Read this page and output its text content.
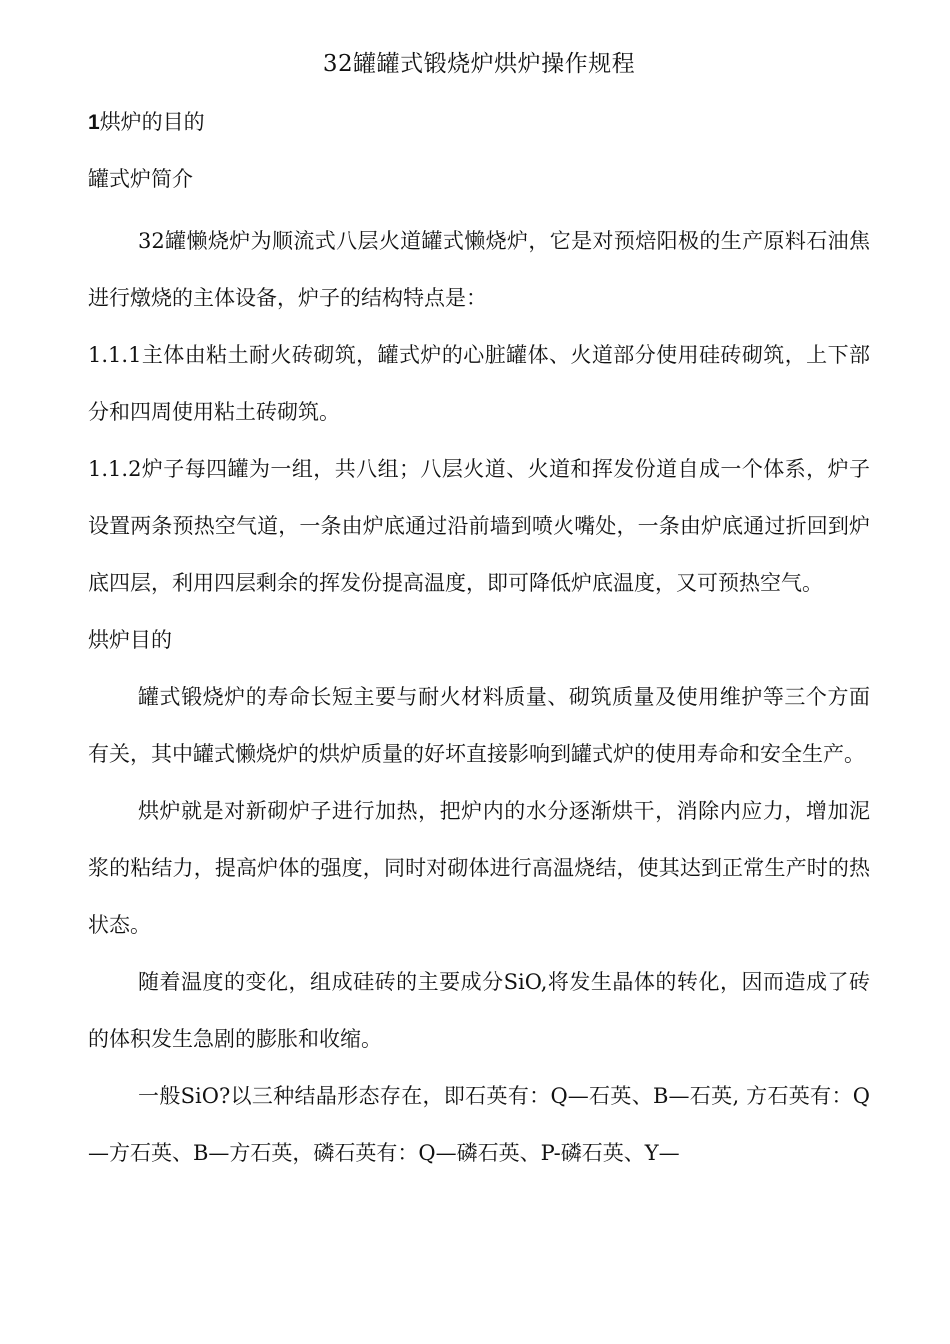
32罐罐式锻烧炉烘炉操作规程
1烘炉的目的
罐式炉简介

32罐懒烧炉为顺流式八层火道罐式懒烧炉，它是对预焙阳极的生产原料石油焦进行燉烧的主体设备，炉子的结构特点是：

1.1.1主体由粘土耐火砖砌筑，罐式炉的心脏罐体、火道部分使用硅砖砌筑，上下部分和四周使用粘土砖砌筑。

1.1.2炉子每四罐为一组，共八组；八层火道、火道和挥发份道自成一个体系，炉子设置两条预热空气道，一条由炉底通过沿前墙到喷火嘴处，一条由炉底通过折回到炉底四层，利用四层剩余的挥发份提高温度，即可降低炉底温度，又可预热空气。

烘炉目的

罐式锻烧炉的寿命长短主要与耐火材料质量、砌筑质量及使用维护等三个方面有关，其中罐式懒烧炉的烘炉质量的好坏直接影响到罐式炉的使用寿命和安全生产。

烘炉就是对新砌炉子进行加热，把炉内的水分逐渐烘干，消除内应力，增加泥浆的粘结力，提高炉体的强度，同时对砌体进行高温烧结，使其达到正常生产时的热状态。

随着温度的变化，组成硅砖的主要成分SiO,将发生晶体的转化，因而造成了砖的体积发生急剧的膨胀和收缩。

一般SiO?以三种结晶形态存在，即石英有：Q—石英、B—石英, 方石英有：Q—方石英、B—方石英，磷石英有：Q—磷石英、P-磷石英、Y—
